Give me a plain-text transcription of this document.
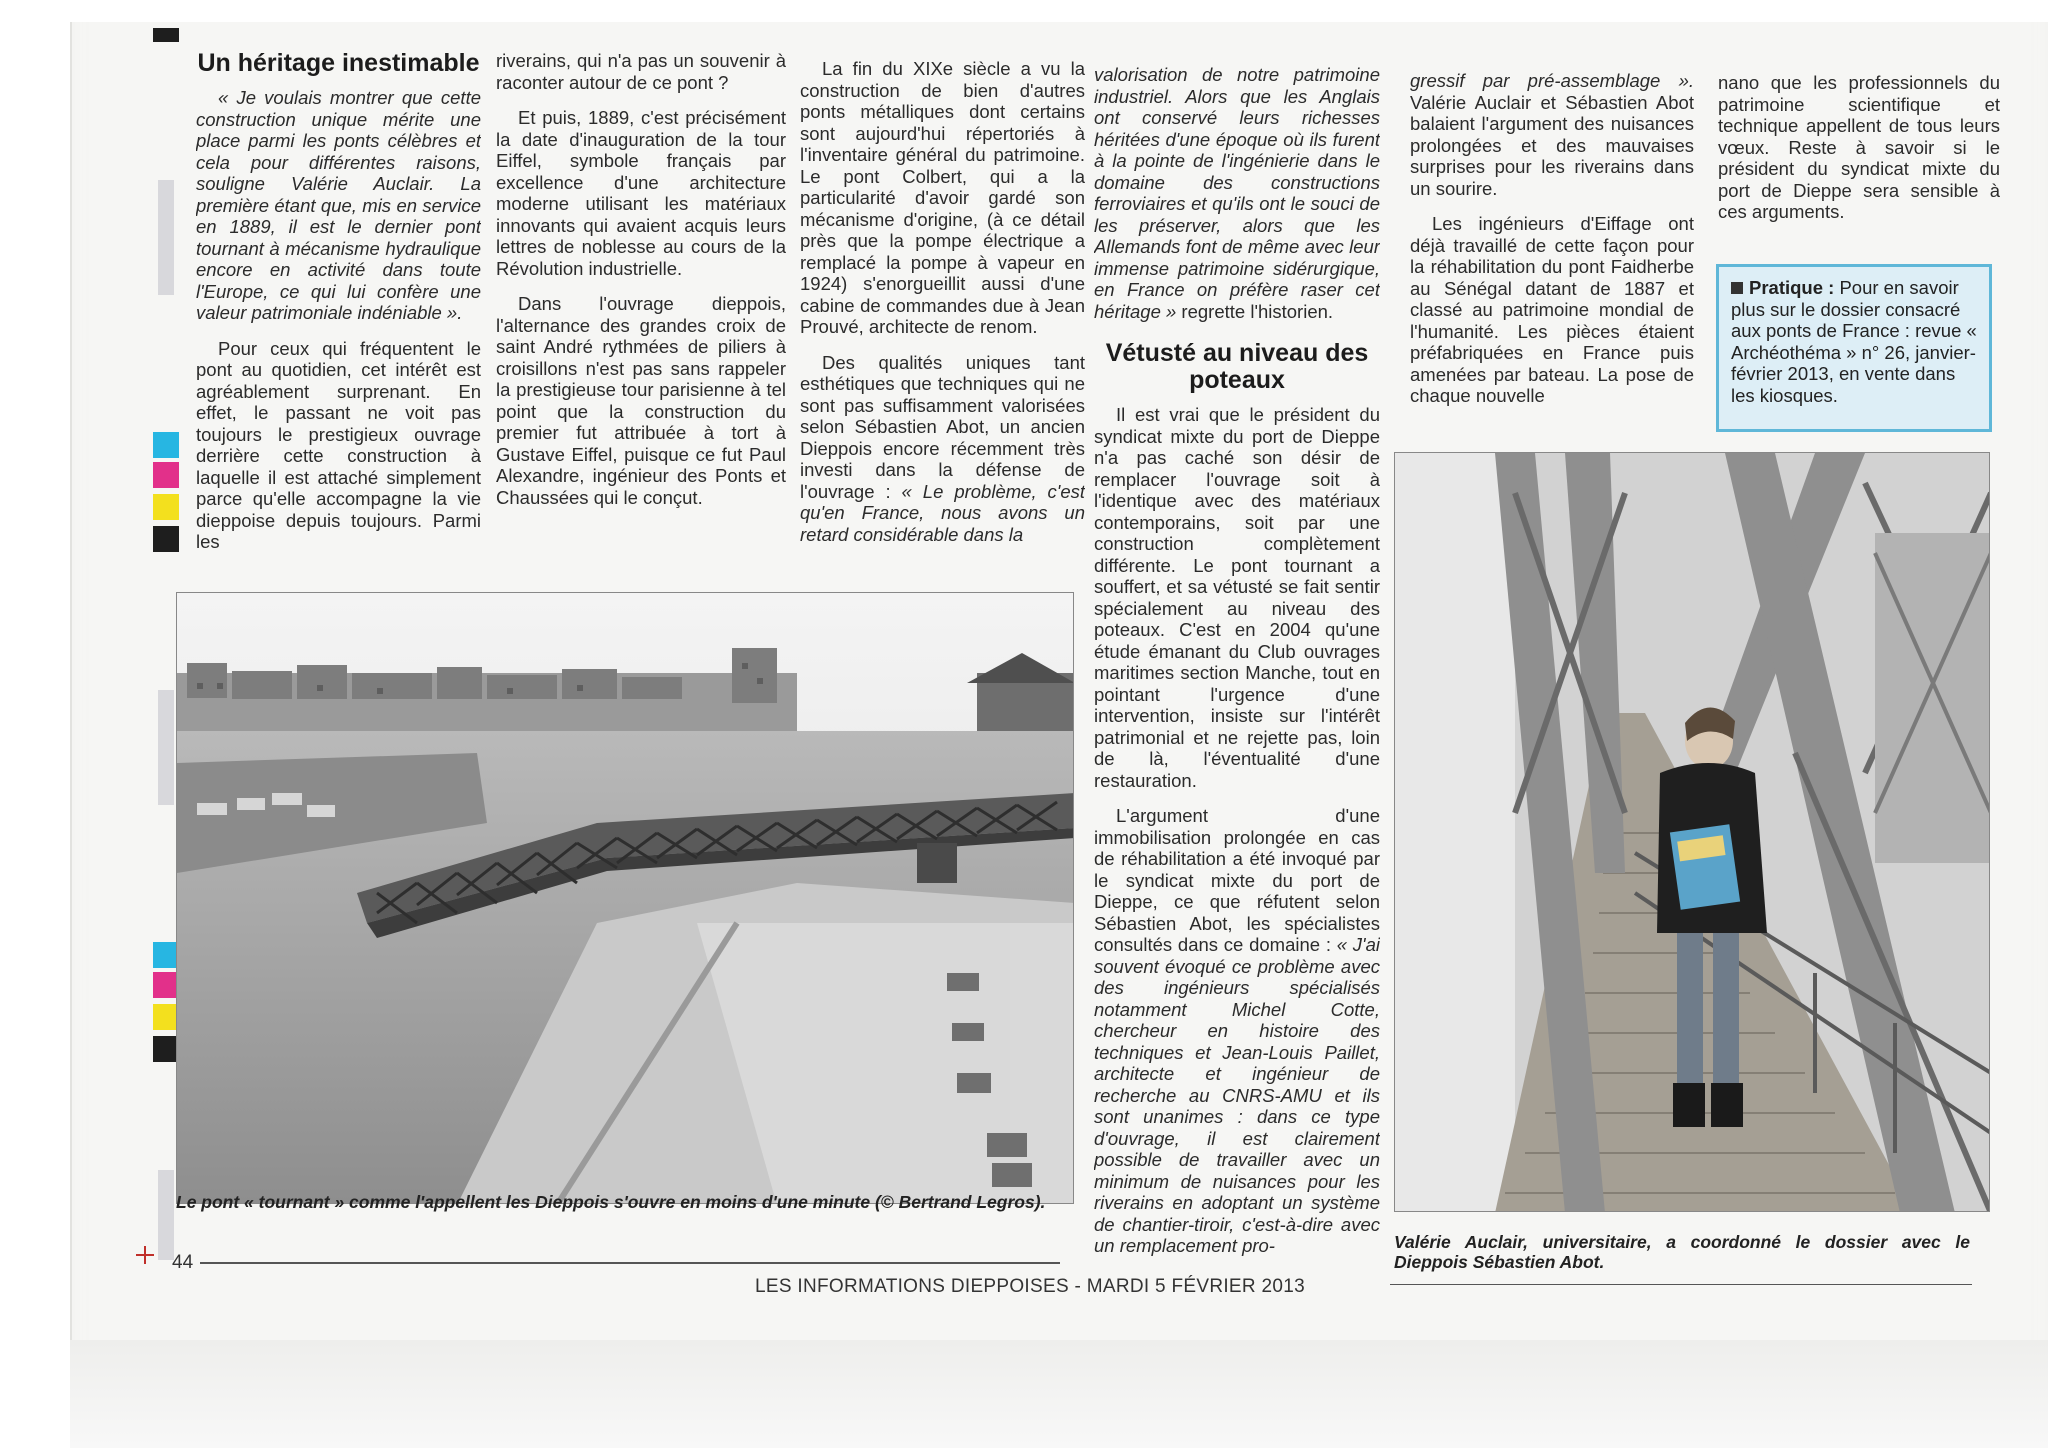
Un héritage inestimable

« Je voulais montrer que cette construction unique mérite une place parmi les ponts célèbres et cela pour différentes raisons, souligne Valérie Auclair. La première étant que, mis en service en 1889, il est le dernier pont tournant à mécanisme hydraulique encore en activité dans toute l'Europe, ce qui lui confère une valeur patrimoniale indéniable ».

Pour ceux qui fréquentent le pont au quotidien, cet intérêt est agréablement surprenant. En effet, le passant ne voit pas toujours le prestigieux ouvrage derrière cette construction à laquelle il est attaché simplement parce qu'elle accompagne la vie dieppoise depuis toujours. Parmi les

riverains, qui n'a pas un souvenir à raconter autour de ce pont ?

Et puis, 1889, c'est précisément la date d'inauguration de la tour Eiffel, symbole français par excellence d'une architecture moderne utilisant les matériaux innovants qui avaient acquis leurs lettres de noblesse au cours de la Révolution industrielle.

Dans l'ouvrage dieppois, l'alternance des grandes croix de saint André rythmées de piliers à croisillons n'est pas sans rappeler la prestigieuse tour parisienne à tel point que la construction du premier fut attribuée à tort à Gustave Eiffel, puisque ce fut Paul Alexandre, ingénieur des Ponts et Chaussées qui le conçut.

La fin du XIXe siècle a vu la construction de bien d'autres ponts métalliques dont certains sont aujourd'hui répertoriés à l'inventaire général du patrimoine. Le pont Colbert, qui a la particularité d'avoir gardé son mécanisme d'origine, (à ce détail près que la pompe électrique a remplacé la pompe à vapeur en 1924) s'enorgueillit aussi d'une cabine de commandes due à Jean Prouvé, architecte de renom.

Des qualités uniques tant esthétiques que techniques qui ne sont pas suffisamment valorisées selon Sébastien Abot, un ancien Dieppois encore récemment très investi dans la défense de l'ouvrage : « Le problème, c'est qu'en France, nous avons un retard considérable dans la

valorisation de notre patrimoine industriel. Alors que les Anglais ont conservé leurs richesses héritées d'une époque où ils furent à la pointe de l'ingénierie dans le domaine des constructions ferroviaires et qu'ils ont le souci de les préserver, alors que les Allemands font de même avec leur immense patrimoine sidérurgique, en France on préfère raser cet héritage » regrette l'historien.

Vétusté au niveau des poteaux

Il est vrai que le président du syndicat mixte du port de Dieppe n'a pas caché son désir de remplacer l'ouvrage soit à l'identique avec des matériaux contemporains, soit par une construction complètement différente. Le pont tournant a souffert, et sa vétusté se fait sentir spécialement au niveau des poteaux. C'est en 2004 qu'une étude émanant du Club ouvrages maritimes section Manche, tout en pointant l'urgence d'une intervention, insiste sur l'intérêt patrimonial et ne rejette pas, loin de là, l'éventualité d'une restauration.

L'argument d'une immobilisation prolongée en cas de réhabilitation a été invoqué par le syndicat mixte du port de Dieppe, ce que réfutent selon Sébastien Abot, les spécialistes consultés dans ce domaine : « J'ai souvent évoqué ce problème avec des ingénieurs spécialisés notamment Michel Cotte, chercheur en histoire des techniques et Jean-Louis Paillet, architecte et ingénieur de recherche au CNRS-AMU et ils sont unanimes : dans ce type d'ouvrage, il est clairement possible de travailler avec un minimum de nuisances pour les riverains en adoptant un système de chantier-tiroir, c'est-à-dire avec un remplacement pro-

gressif par pré-assemblage ». Valérie Auclair et Sébastien Abot balaient l'argument des nuisances prolongées et des mauvaises surprises pour les riverains dans un sourire.

Les ingénieurs d'Eiffage ont déjà travaillé de cette façon pour la réhabilitation du pont Faidherbe au Sénégal datant de 1887 et classé au patrimoine mondial de l'humanité. Les pièces étaient préfabriquées en France puis amenées par bateau. La pose de chaque nouvelle

nano que les professionnels du patrimoine scientifique et technique appellent de tous leurs vœux. Reste à savoir si le président du syndicat mixte du port de Dieppe sera sensible à ces arguments.

Pratique : Pour en savoir plus sur le dossier consacré aux ponts de France : revue « Archéothéma » n° 26, janvier-février 2013, en vente dans les kiosques.
Le pont « tournant » comme l'appellent les Dieppois s'ouvre en moins d'une minute (© Bertrand Legros).
Valérie Auclair, universitaire, a coordonné le dossier avec le Dieppois Sébastien Abot.
44
LES INFORMATIONS DIEPPOISES - MARDI 5 FÉVRIER 2013
